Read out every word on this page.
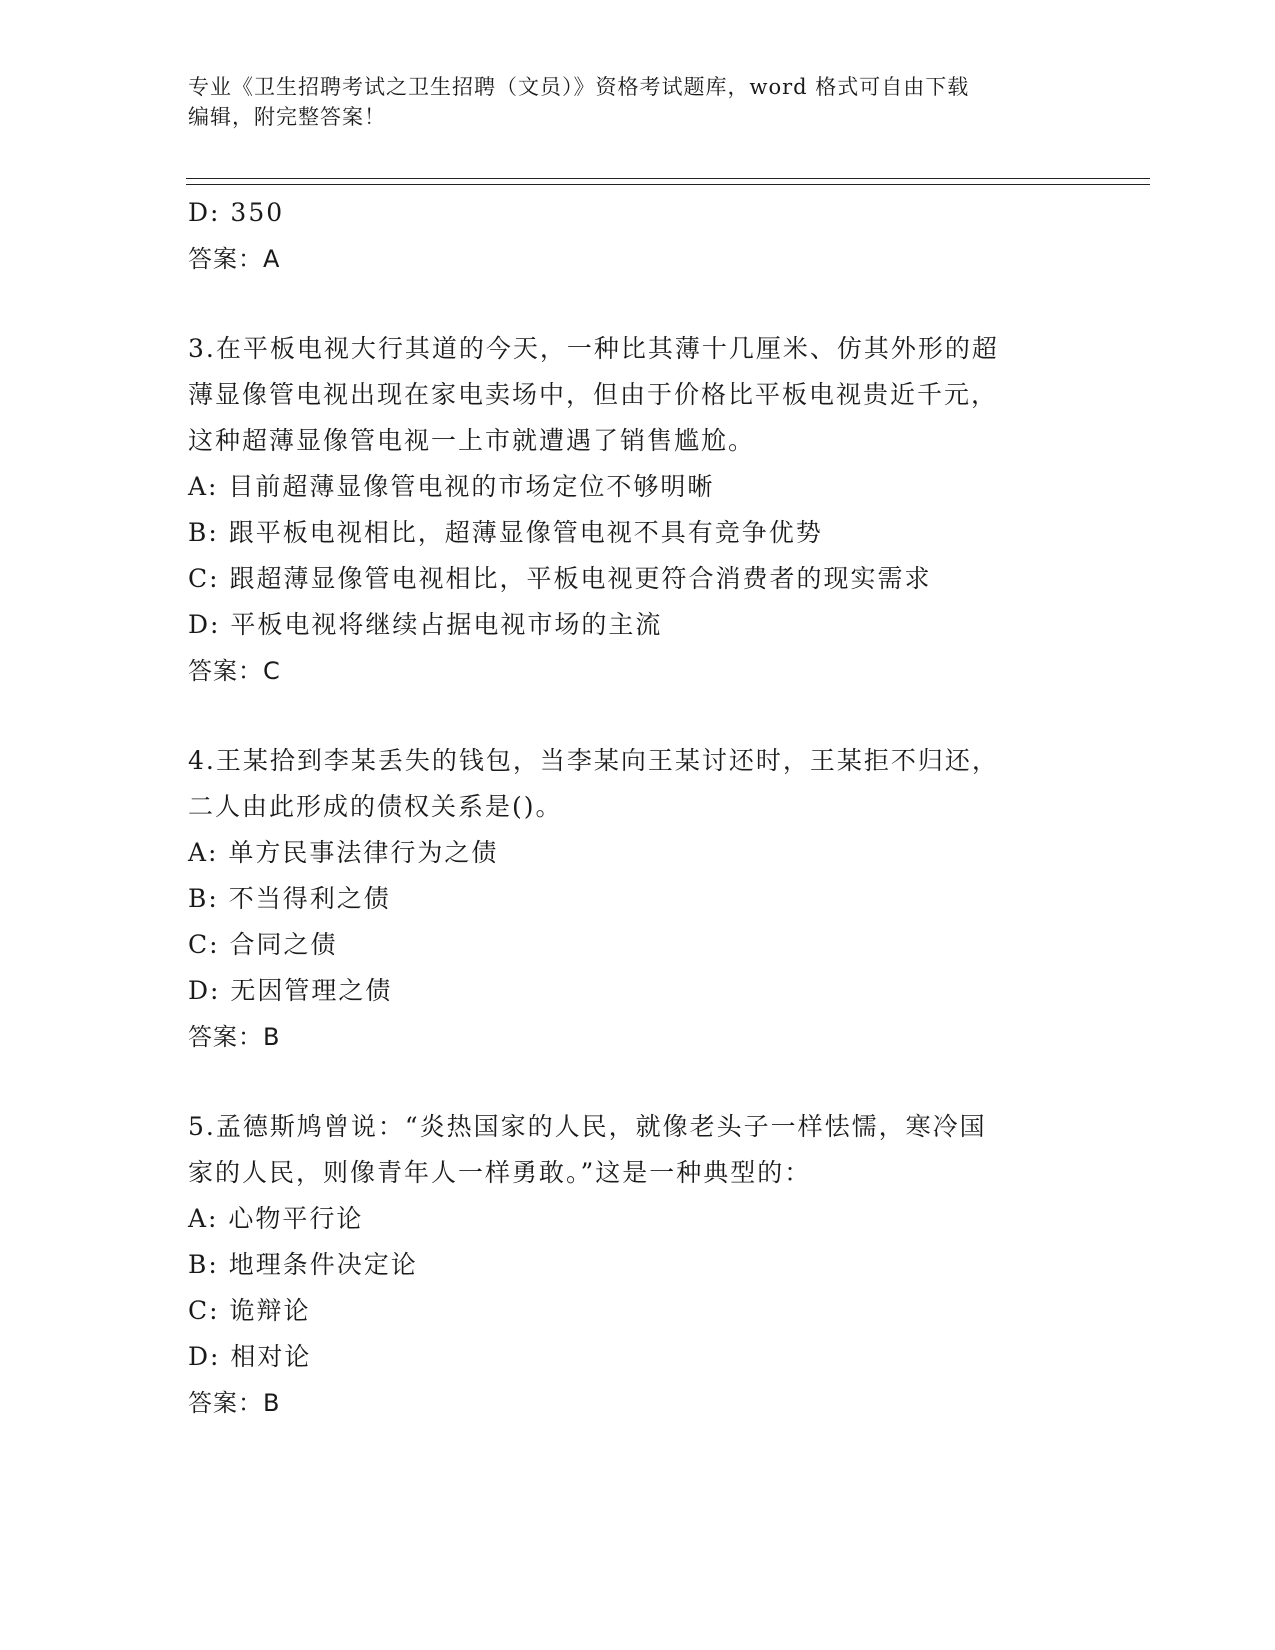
专业《卫生招聘考试之卫生招聘（文员）》资格考试题库，word 格式可自由下载
编辑，附完整答案！
D: 350
答案：A
3.在平板电视大行其道的今天，一种比其薄十几厘米、仿其外形的超
薄显像管电视出现在家电卖场中，但由于价格比平板电视贵近千元，
这种超薄显像管电视一上市就遭遇了销售尴尬。
A: 目前超薄显像管电视的市场定位不够明晰
B: 跟平板电视相比，超薄显像管电视不具有竞争优势
C: 跟超薄显像管电视相比，平板电视更符合消费者的现实需求
D: 平板电视将继续占据电视市场的主流
答案：C
4.王某拾到李某丢失的钱包，当李某向王某讨还时，王某拒不归还，
二人由此形成的债权关系是()。
A: 单方民事法律行为之债
B: 不当得利之债
C: 合同之债
D: 无因管理之债
答案：B
5.孟德斯鸠曾说：“炎热国家的人民，就像老头子一样怯懦，寒冷国
家的人民，则像青年人一样勇敢。”这是一种典型的：
A: 心物平行论
B: 地理条件决定论
C: 诡辩论
D: 相对论
答案：B
